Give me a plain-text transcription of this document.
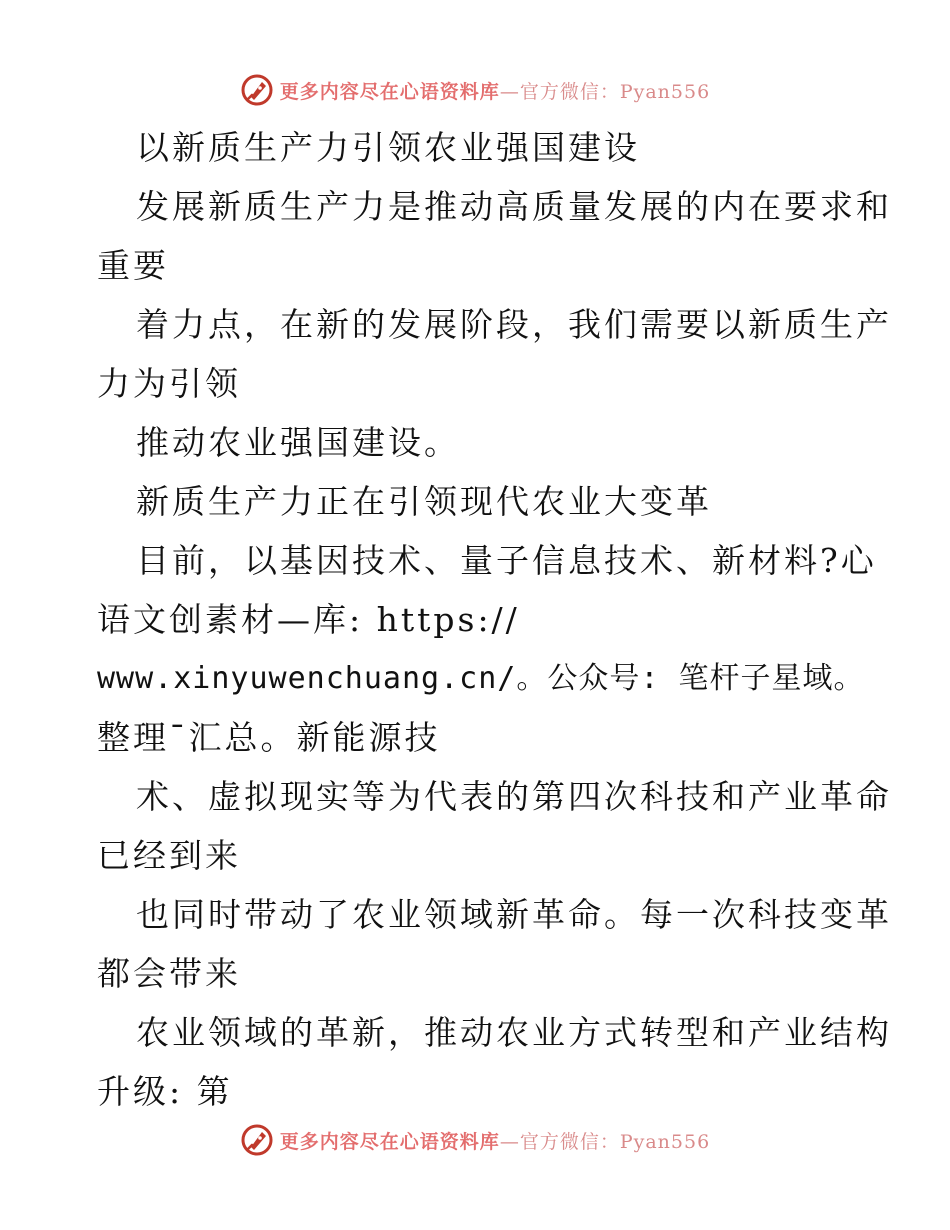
更多内容尽在心语资料库—官方微信：Pyan556
以新质生产力引领农业强国建设
发展新质生产力是推动高质量发展的内在要求和
重要
着力点，在新的发展阶段，我们需要以新质生产
力为引领
推动农业强国建设。
新质生产力正在引领现代农业大变革
目前，以基因技术、量子信息技术、新材料?心
语文创素材—库: https://
www.xinyuwenchuang.cn/。公众号: 笔杆子星域。
整理¯汇总。新能源技
术、虚拟现实等为代表的第四次科技和产业革命
已经到来
也同时带动了农业领域新革命。每一次科技变革
都会带来
农业领域的革新，推动农业方式转型和产业结构
升级: 第
更多内容尽在心语资料库—官方微信：Pyan556
